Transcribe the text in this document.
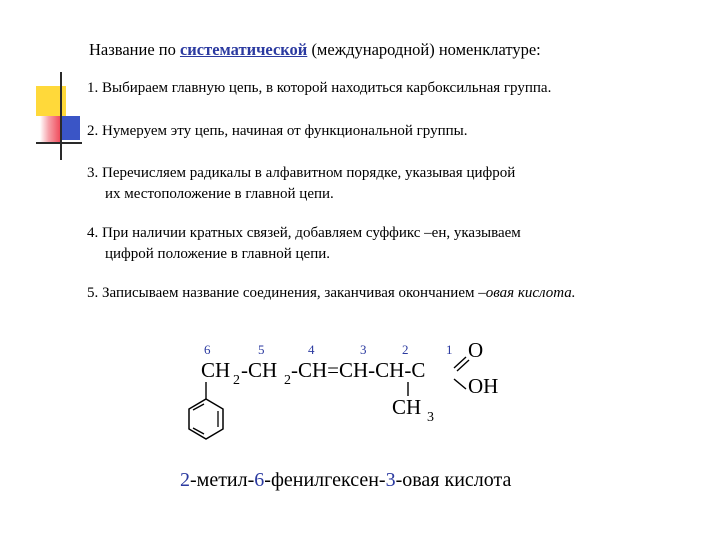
Название по систематической (международной) номенклатуре:
1. Выбираем главную цепь, в которой находиться карбоксильная группа.
2. Нумеруем эту цепь, начиная от функциональной группы.
3. Перечисляем радикалы в алфавитном порядке, указывая цифрой
их местоположение в главной цепи.
4. При наличии кратных связей, добавляем суффикс –ен, указываем
цифрой положение в главной цепи.
5. Записываем название соединения, заканчивая окончанием –овая кислота.
6	5	4	3	2	1
CH 2 -CH 2 -CH=CH-CH-C
O
OH
CH 3
2-метил-6-фенилгексен-3-овая кислота
